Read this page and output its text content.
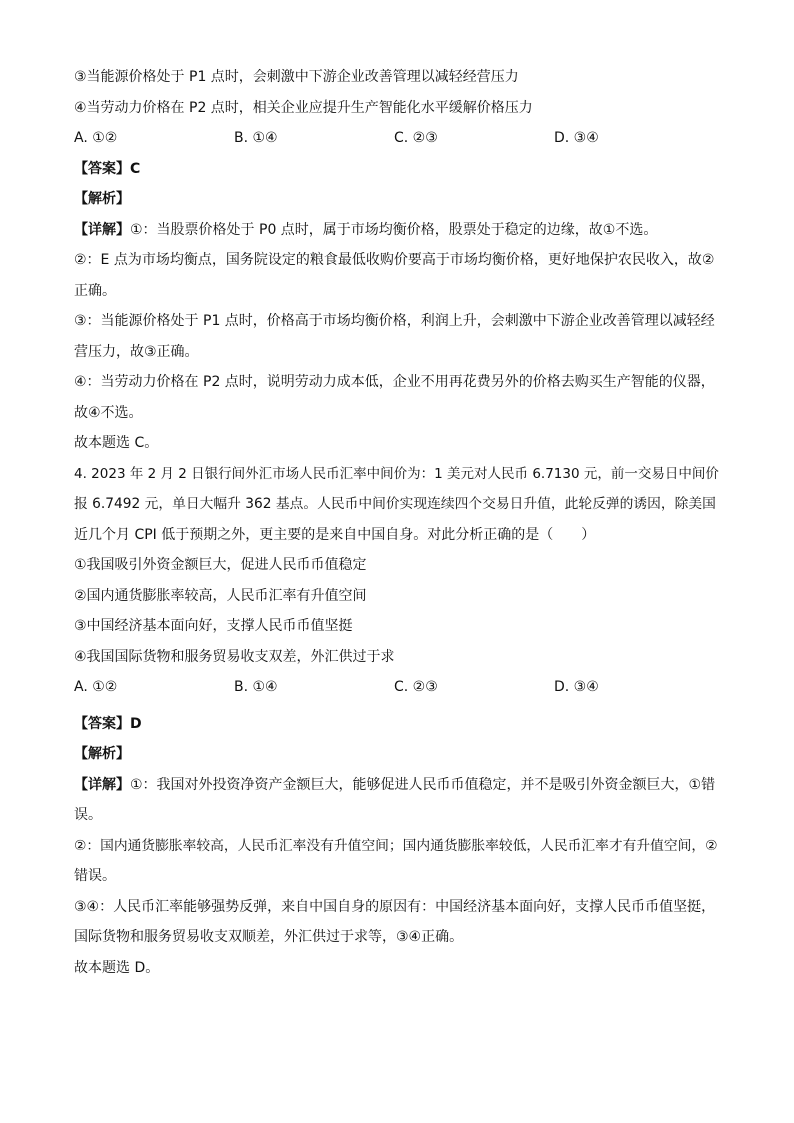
③当能源价格处于 P1 点时，会刺激中下游企业改善管理以减轻经营压力
④当劳动力价格在 P2 点时，相关企业应提升生产智能化水平缓解价格压力
A. ①②	B. ①④	C. ②③	D. ③④
【答案】C
【解析】
【详解】①：当股票价格处于 P0 点时，属于市场均衡价格，股票处于稳定的边缘，故①不选。
②：E 点为市场均衡点，国务院设定的粮食最低收购价要高于市场均衡价格，更好地保护农民收入，故②
正确。
③：当能源价格处于 P1 点时，价格高于市场均衡价格，利润上升，会刺激中下游企业改善管理以减轻经
营压力，故③正确。
④：当劳动力价格在 P2 点时，说明劳动力成本低，企业不用再花费另外的价格去购买生产智能的仪器，
故④不选。
故本题选 C。
4. 2023 年 2 月 2 日银行间外汇市场人民币汇率中间价为：1 美元对人民币 6.7130 元，前一交易日中间价
报 6.7492 元，单日大幅升 362 基点。人民币中间价实现连续四个交易日升值，此轮反弹的诱因，除美国
近几个月 CPI 低于预期之外，更主要的是来自中国自身。对此分析正确的是（　　）
①我国吸引外资金额巨大，促进人民币币值稳定
②国内通货膨胀率较高，人民币汇率有升值空间
③中国经济基本面向好，支撑人民币币值坚挺
④我国国际货物和服务贸易收支双差，外汇供过于求
A. ①②	B. ①④	C. ②③	D. ③④
【答案】D
【解析】
【详解】①：我国对外投资净资产金额巨大，能够促进人民币币值稳定，并不是吸引外资金额巨大，①错
误。
②：国内通货膨胀率较高，人民币汇率没有升值空间；国内通货膨胀率较低，人民币汇率才有升值空间，②
错误。
③④：人民币汇率能够强势反弹，来自中国自身的原因有：中国经济基本面向好，支撑人民币币值坚挺，
国际货物和服务贸易收支双顺差，外汇供过于求等，③④正确。
故本题选 D。
